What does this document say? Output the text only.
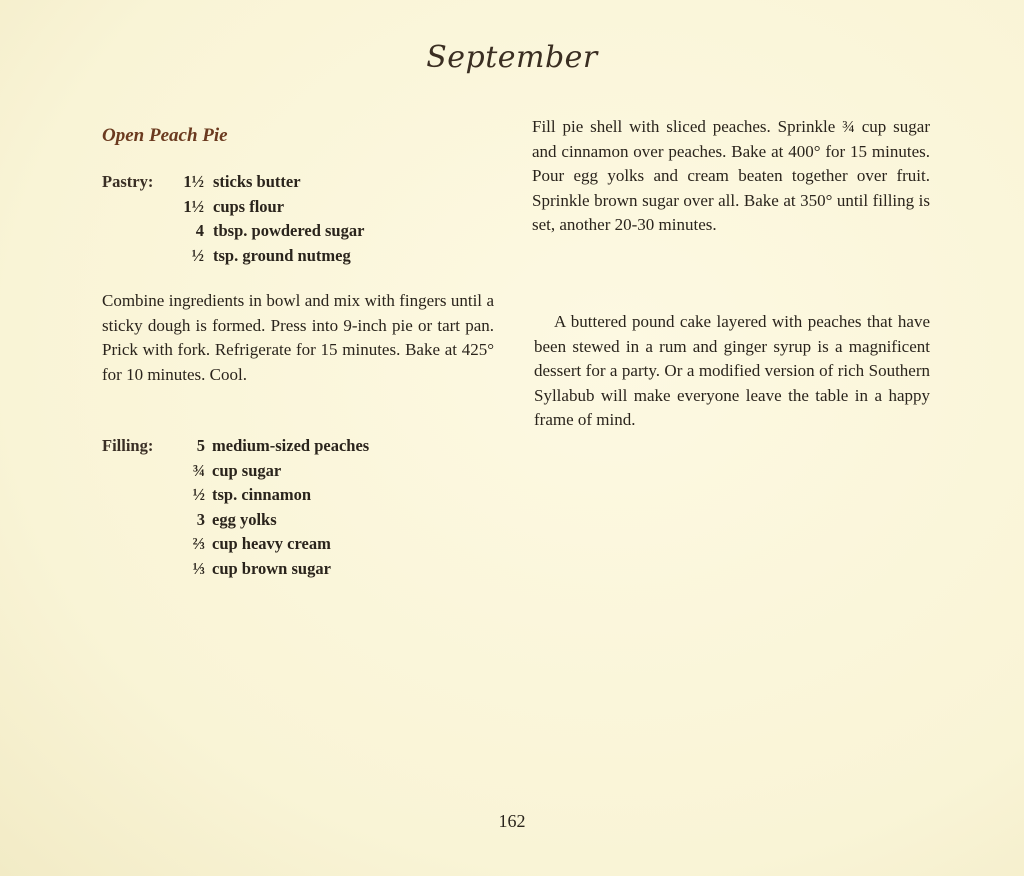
September
Open Peach Pie
Pastry:	1½ sticks butter
1½ cups flour
4 tbsp. powdered sugar
½ tsp. ground nutmeg
Combine ingredients in bowl and mix with fingers until a sticky dough is formed. Press into 9-inch pie or tart pan. Prick with fork. Refrigerate for 15 minutes. Bake at 425° for 10 minutes. Cool.
Filling:	5 medium-sized peaches
¾ cup sugar
½ tsp. cinnamon
3 egg yolks
⅔ cup heavy cream
⅓ cup brown sugar
Fill pie shell with sliced peaches. Sprinkle ¾ cup sugar and cinnamon over peaches. Bake at 400° for 15 minutes. Pour egg yolks and cream beaten together over fruit. Sprinkle brown sugar over all. Bake at 350° until filling is set, another 20-30 minutes.
A buttered pound cake layered with peaches that have been stewed in a rum and ginger syrup is a magnificent dessert for a party. Or a modified version of rich Southern Syllabub will make everyone leave the table in a happy frame of mind.
162
